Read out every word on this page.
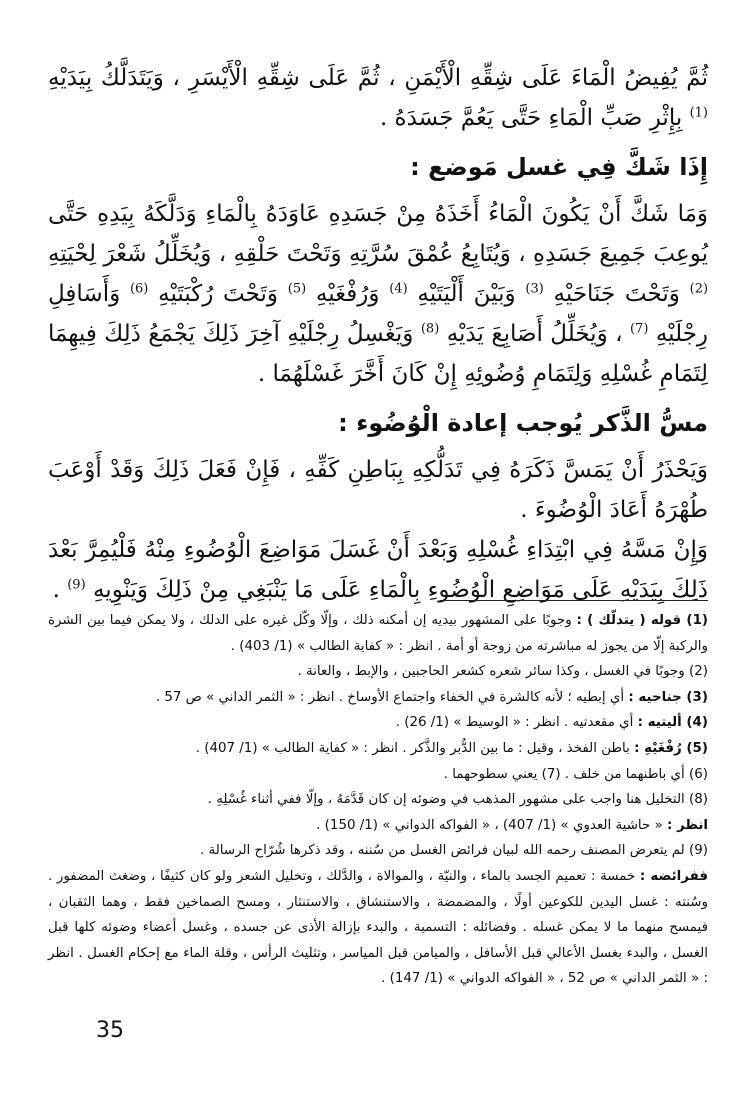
ثُمَّ يُفِيضُ الْمَاءَ عَلَى شِقِّهِ الْأَيْمَنِ ، ثُمَّ عَلَى شِقِّهِ الْأَيْسَرِ ، وَيَتَدَلَّكُ بِيَدَيْهِ $^{(1)}$ بِإِثْرِ صَبِّ الْمَاءِ حَتَّى يَعُمَّ جَسَدَهُ .

إِذَا شَكَّ فِي غسل مَوضع :

وَمَا شَكَّ أَنْ يَكُونَ الْمَاءُ أَخَذَهُ مِنْ جَسَدِهِ عَاوَدَهُ بِالْمَاءِ وَدَلَّكَهُ بِيَدِهِ حَتَّى يُوعِبَ جَمِيعَ جَسَدِهِ ، وَيُتَابِعُ عُمْقَ سُرَّتِهِ وَتَحْتَ حَلْقِهِ ، وَيُخَلِّلُ شَعْرَ لِحْيَتِهِ $^{(2)}$ وَتَحْتَ جَنَاحَيْهِ $^{(3)}$ وَبَيْنَ أَلْيَتَيْهِ $^{(4)}$ وَرُفْغَيْهِ $^{(5)}$ وَتَحْتَ رُكْبَتَيْهِ $^{(6)}$ وَأَسَافِلِ رِجْلَيْهِ $^{(7)}$ ، وَيُخَلِّلُ أَصَابِعَ يَدَيْهِ $^{(8)}$ وَيَغْسِلُ رِجْلَيْهِ آخِرَ ذَلِكَ يَجْمَعُ ذَلِكَ فِيهِمَا لِتَمَامِ غُسْلِهِ وَلِتَمَامِ وُضُوئِهِ إِنْ كَانَ أَخَّرَ غَسْلَهُمَا .

مسُّ الذَّكر يُوجب إعادة الْوُضُوء :

وَيَحْذَرُ أَنْ يَمَسَّ ذَكَرَهُ فِي تَدَلُّكِهِ بِبَاطِنِ كَفِّهِ ، فَإِنْ فَعَلَ ذَلِكَ وَقَدْ أَوْعَبَ طُهْرَهُ أَعَادَ الْوُضُوءَ .

وَإِنْ مَسَّهُ فِي ابْتِدَاءِ غُسْلِهِ وَبَعْدَ أَنْ غَسَلَ مَوَاضِعَ الْوُضُوءِ مِنْهُ فَلْيُمِرَّ بَعْدَ ذَلِكَ بِيَدَيْهِ عَلَى مَوَاضِعِ الْوُضُوءِ بِالْمَاءِ عَلَى مَا يَنْبَغِي مِنْ ذَلِكَ وَيَنْوِيهِ $^{(9)}$ .

(1) قوله ( يتدلّك ) : وجوبًا على المشهور بيديه إن أمكنه ذلك ، وإلّا وكّل غيره على الدلك ، ولا يمكن فيما بين الشرة والركبة إلّا من يجوز له مباشرته من زوجة أو أمة . انظر : « كفاية الطالب » (1/ 403) .

(2) وجوبًا في الغسل ، وكذا سائر شعره كشعر الحاجبين ، والإبط ، والعانة .

(3) جناحيه : أي إبطيه ؛ لأنه كالشرة في الخفاء واجتماع الأوساخ . انظر : « الثمر الداني » ص 57 .

(4) أليتيه : أي مقعدتيه . انظر : « الوسيط » (1/ 26) .

(5) رُفْغَيْهِ : باطن الفخذ ، وقيل : ما بين الدُّبر والذَّكر . انظر : « كفاية الطالب » (1/ 407) .

(6) أي باطنهما من خلف . (7) يعني سطوحهما .

(8) التخليل هنا واجب على مشهور المذهب في وضوئه إن كان قَدَّمَهُ ، وإلّا ففي أثناء غُسْلِهِ .

انظر : « حاشية العدوي » (1/ 407) ، « الفواكه الدواني » (1/ 150) .

(9) لم يتعرض المصنف رحمه الله لبيان فرائض الغسل من سُننه ، وقد ذكرها شُرّاح الرسالة .

ففرائضه : خمسة : تعميم الجسد بالماء ، والنيّة ، والموالاة ، والدَّلك ، وتخليل الشعر ولو كان كثيفًا ، وضغث المضفور . وسُنته : غسل اليدين للكوعين أولًا ، والمضمضة ، والاستنشاق ، والاستنثار ، ومسح الصماخين فقط ، وهما الثقبان ، فيمسح منهما ما لا يمكن غسله . وفضائله : التسمية ، والبدء بإزالة الأذى عن جسده ، وغسل أعضاء وضوئه كلها قبل الغسل ، والبدء بغسل الأعالي قبل الأسافل ، والميامن قبل المياسر ، وتثليث الرأس ، وقلة الماء مع إحكام الغسل . انظر : « الثمر الداني » ص 52 ، « الفواكه الدواني » (1/ 147) .

35
